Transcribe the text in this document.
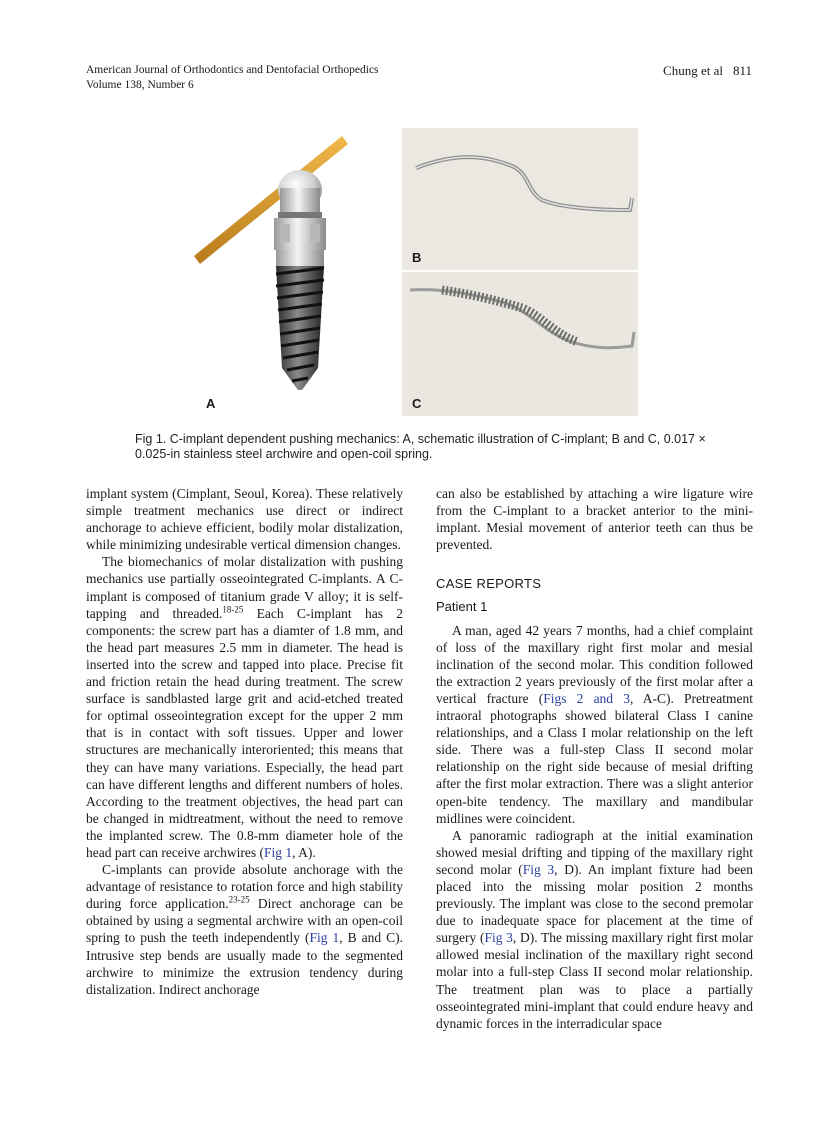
American Journal of Orthodontics and Dentofacial Orthopedics
Volume 138, Number 6
Chung et al 811
A
B
C
Fig 1. C-implant dependent pushing mechanics: A, schematic illustration of C-implant; B and C, 0.017 × 0.025-in stainless steel archwire and open-coil spring.

implant system (Cimplant, Seoul, Korea). These relatively simple treatment mechanics use direct or indirect anchorage to achieve efficient, bodily molar distalization, while minimizing undesirable vertical dimension changes.

The biomechanics of molar distalization with pushing mechanics use partially osseointegrated C-implants. A C-implant is composed of titanium grade V alloy; it is self-tapping and threaded.$^{18-25}$ Each C-implant has 2 components: the screw part has a diamter of 1.8 mm, and the head part measures 2.5 mm in diameter. The head is inserted into the screw and tapped into place. Precise fit and friction retain the head during treatment. The screw surface is sandblasted large grit and acid-etched treated for optimal osseointegration except for the upper 2 mm that is in contact with soft tissues. Upper and lower structures are mechanically interoriented; this means that they can have many variations. Especially, the head part can have different lengths and different numbers of holes. According to the treatment objectives, the head part can be changed in midtreatment, without the need to remove the implanted screw. The 0.8-mm diameter hole of the head part can receive archwires (Fig 1, A).

C-implants can provide absolute anchorage with the advantage of resistance to rotation force and high stability during force application.$^{23-25}$ Direct anchorage can be obtained by using a segmental archwire with an open-coil spring to push the teeth independently (Fig 1, B and C). Intrusive step bends are usually made to the segmented archwire to minimize the extrusion tendency during distalization. Indirect anchorage

can also be established by attaching a wire ligature wire from the C-implant to a bracket anterior to the mini-implant. Mesial movement of anterior teeth can thus be prevented.

CASE REPORTS
Patient 1

A man, aged 42 years 7 months, had a chief complaint of loss of the maxillary right first molar and mesial inclination of the second molar. This condition followed the extraction 2 years previously of the first molar after a vertical fracture (Figs 2 and 3, A-C). Pretreatment intraoral photographs showed bilateral Class I canine relationships, and a Class I molar relationship on the left side. There was a full-step Class II second molar relationship on the right side because of mesial drifting after the first molar extraction. There was a slight anterior open-bite tendency. The maxillary and mandibular midlines were coincident.

A panoramic radiograph at the initial examination showed mesial drifting and tipping of the maxillary right second molar (Fig 3, D). An implant fixture had been placed into the missing molar position 2 months previously. The implant was close to the second premolar due to inadequate space for placement at the time of surgery (Fig 3, D). The missing maxillary right first molar allowed mesial inclination of the maxillary right second molar into a full-step Class II second molar relationship. The treatment plan was to place a partially osseointegrated mini-implant that could endure heavy and dynamic forces in the interradicular space
